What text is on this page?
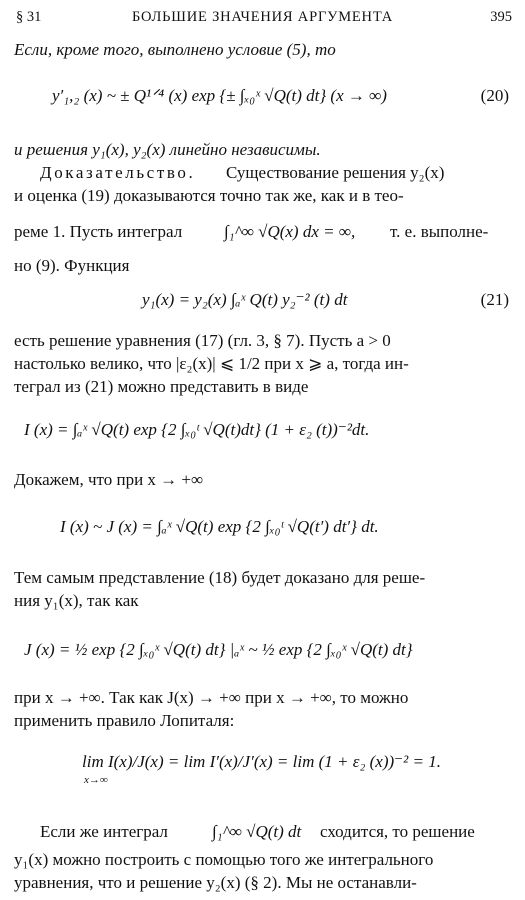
§ 31	БОЛЬШИЕ ЗНАЧЕНИЯ АРГУМЕНТА	395
Если, кроме того, выполнено условие (5), то
y′₁,₂ (x) ~ ± Q¹ᐟ⁴ (x) exp {± ∫ₓ₀ˣ √Q(t) dt} (x → ∞)	(20)
и решения y₁(x), y₂(x) линейно независимы.
Доказательство. Существование решения y₂(x)
и оценка (19) доказываются точно так же, как и в тео-
реме 1. Пусть интеграл ∫₁^∞ √Q(x) dx = ∞, т. е. выполне-
но (9). Функция
y₁(x) = y₂(x) ∫ₐˣ Q(t) y₂⁻² (t) dt	(21)
есть решение уравнения (17) (гл. 3, § 7). Пусть a > 0
настолько велико, что |ε₂(x)| ⩽ 1/2 при x ⩾ a, тогда ин-
теграл из (21) можно представить в виде
I (x) = ∫ₐˣ √Q(t) exp {2 ∫ₓ₀ᵗ √Q(t)dt} (1 + ε₂ (t))⁻²dt.
Докажем, что при x → +∞
I (x) ~ J (x) = ∫ₐˣ √Q(t) exp {2 ∫ₓ₀ᵗ √Q(t′) dt′} dt.
Тем самым представление (18) будет доказано для реше-
ния y₁(x), так как
J (x) = ½ exp {2 ∫ₓ₀ˣ √Q(t) dt} |ₐˣ ~ ½ exp {2 ∫ₓ₀ˣ √Q(t) dt}
при x → +∞. Так как J(x) → +∞ при x → +∞, то можно
применить правило Лопиталя:
lim I(x)/J(x) = lim I′(x)/J′(x) = lim (1 + ε₂ (x))⁻² = 1.
x→∞
Если же интеграл	∫₁^∞ √Q(t) dt сходится, то решение
y₁(x) можно построить с помощью того же интегрального
уравнения, что и решение y₂(x) (§ 2). Мы не останавли-
